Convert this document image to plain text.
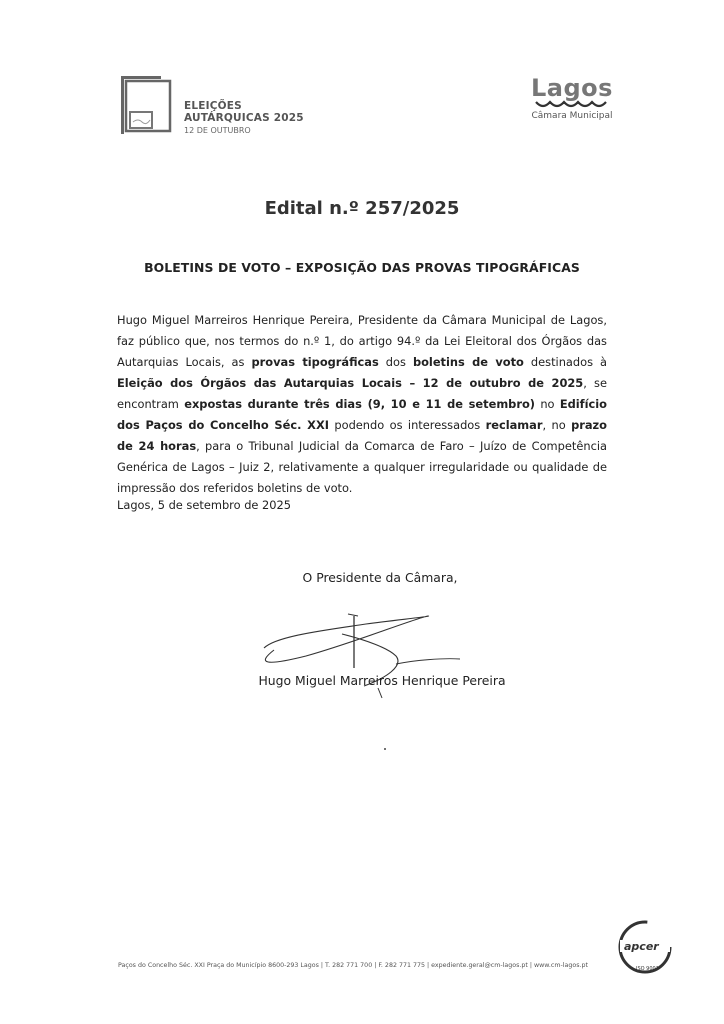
ELEIÇÕES
AUTÁRQUICAS 2025
12 DE OUTUBRO
Lagos
Câmara Municipal
Edital n.º 257/2025
BOLETINS DE VOTO – EXPOSIÇÃO DAS PROVAS TIPOGRÁFICAS
Hugo Miguel Marreiros Henrique Pereira, Presidente da Câmara Municipal de Lagos, faz público que, nos termos do n.º 1, do artigo 94.º da Lei Eleitoral dos Órgãos das Autarquias Locais, as provas tipográficas dos boletins de voto destinados à Eleição dos Órgãos das Autarquias Locais – 12 de outubro de 2025, se encontram expostas durante três dias (9, 10 e 11 de setembro) no Edifício dos Paços do Concelho Séc. XXI podendo os interessados reclamar, no prazo de 24 horas, para o Tribunal Judicial da Comarca de Faro – Juízo de Competência Genérica de Lagos – Juiz 2, relativamente a qualquer irregularidade ou qualidade de impressão dos referidos boletins de voto.
Lagos, 5 de setembro de 2025
O Presidente da Câmara,
Hugo Miguel Marreiros Henrique Pereira
Paços do Concelho Séc. XXI Praça do Município 8600-293 Lagos | T. 282 771 700 | F. 282 771 775 | expediente.geral@cm-lagos.pt | www.cm-lagos.pt
apcer
ISO 9001
